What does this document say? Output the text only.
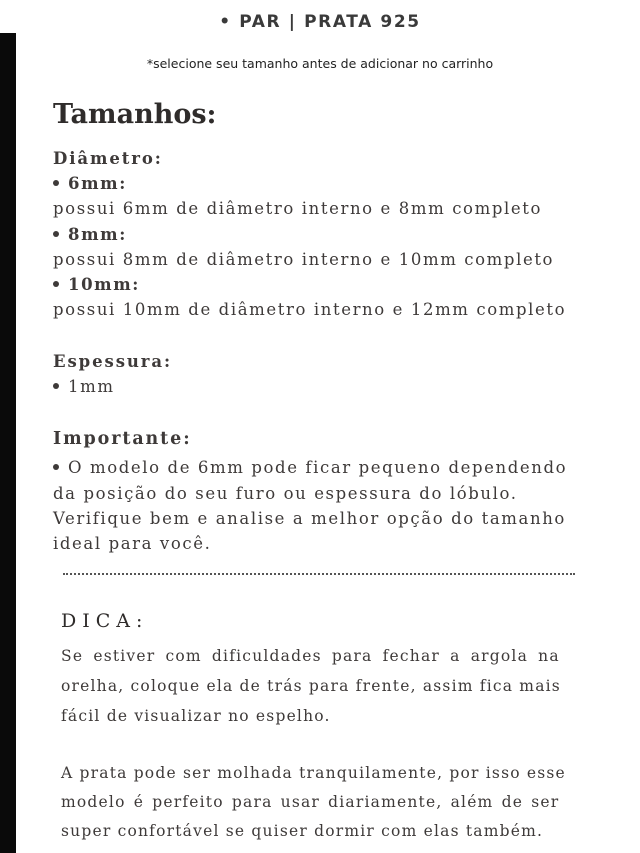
• PAR | PRATA 925
*selecione seu tamanho antes de adicionar no carrinho
Tamanhos:
Diâmetro:
6mm:
possui 6mm de diâmetro interno e 8mm completo
8mm:
possui 8mm de diâmetro interno e 10mm completo
10mm:
possui 10mm de diâmetro interno e 12mm completo
Espessura:
1mm
Importante:
O modelo de 6mm pode ficar pequeno dependendo
da posição do seu furo ou espessura do lóbulo.
Verifique bem e analise a melhor opção do tamanho
ideal para você.
DICA:
Se estiver com dificuldades para fechar a argola na
orelha, coloque ela de trás para frente, assim fica mais
fácil de visualizar no espelho.
A prata pode ser molhada tranquilamente, por isso esse
modelo é perfeito para usar diariamente, além de ser
super confortável se quiser dormir com elas também.
